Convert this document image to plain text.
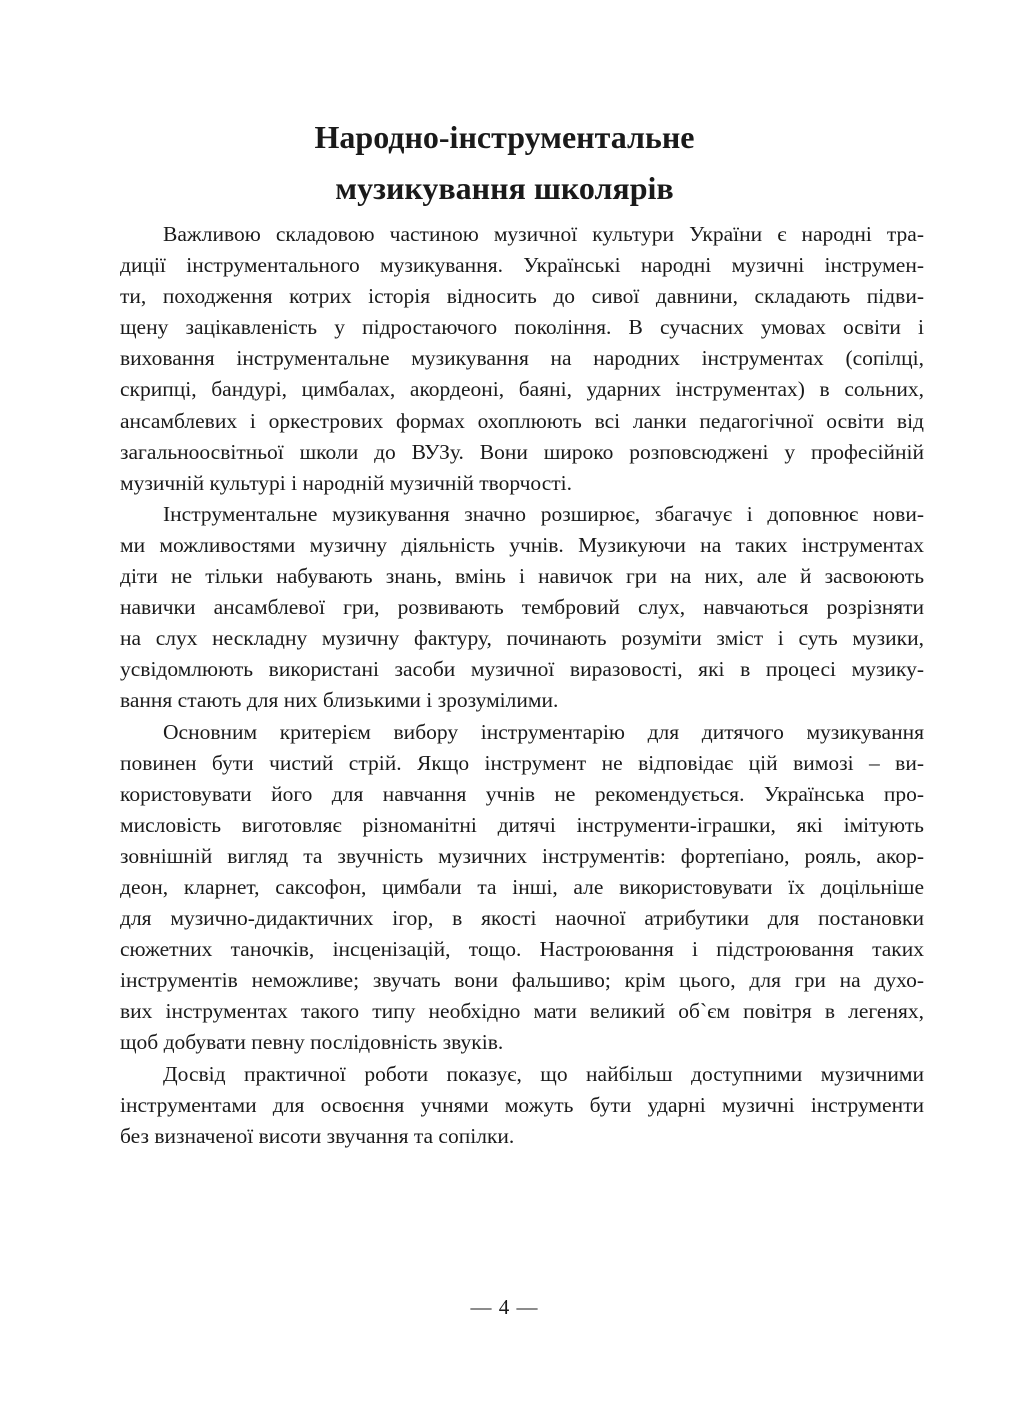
Народно-інструментальне
музикування школярів
Важливою складовою частиною музичної культури України є народні тра-
диції інструментального музикування. Українські народні музичні інструмен-
ти, походження котрих історія відносить до сивої давнини, складають підви-
щену зацікавленість у підростаючого покоління. В сучасних умовах освіти і
виховання інструментальне музикування на народних інструментах (сопілці,
скрипці, бандурі, цимбалах, акордеоні, баяні, ударних інструментах) в сольних,
ансамблевих і оркестрових формах охоплюють всі ланки педагогічної освіти від
загальноосвітньої школи до ВУЗу. Вони широко розповсюджені у професійній
музичній культурі і народній музичній творчості.
Інструментальне музикування значно розширює, збагачує і доповнює нови-
ми можливостями музичну діяльність учнів. Музикуючи на таких інструментах
діти не тільки набувають знань, вмінь і навичок гри на них, але й засвоюють
навички ансамблевої гри, розвивають тембровий слух, навчаються розрізняти
на слух нескладну музичну фактуру, починають розуміти зміст і суть музики,
усвідомлюють використані засоби музичної виразовості, які в процесі музику-
вання стають для них близькими і зрозумілими.
Основним критерієм вибору інструментарію для дитячого музикування
повинен бути чистий стрій. Якщо інструмент не відповідає цій вимозі – ви-
користовувати його для навчання учнів не рекомендується. Українська про-
мисловість виготовляє різноманітні дитячі інструменти-іграшки, які імітують
зовнішній вигляд та звучність музичних інструментів: фортепіано, рояль, акор-
деон, кларнет, саксофон, цимбали та інші, але використовувати їх доцільніше
для музично-дидактичних ігор, в якості наочної атрибутики для постановки
сюжетних таночків, інсценізацій, тощо. Настроювання і підстроювання таких
інструментів неможливе; звучать вони фальшиво; крім цього, для гри на духо-
вих інструментах такого типу необхідно мати великий об`єм повітря в легенях,
щоб добувати певну послідовність звуків.
Досвід практичної роботи показує, що найбільш доступними музичними
інструментами для освоєння учнями можуть бути ударні музичні інструменти
без визначеної висоти звучання та сопілки.
— 4 —
